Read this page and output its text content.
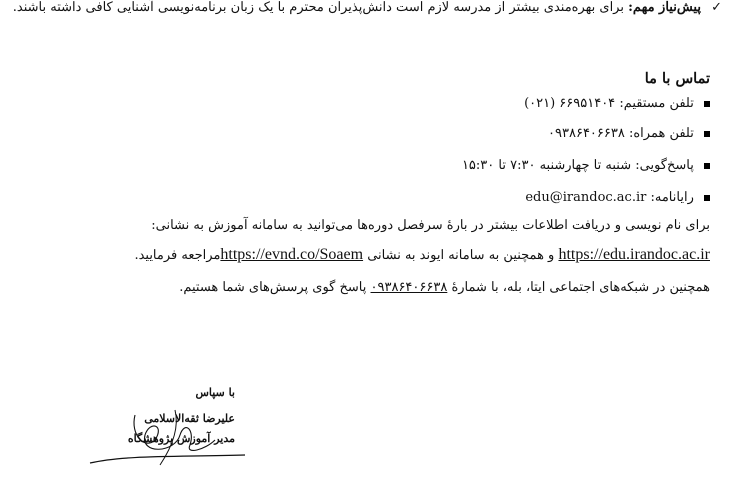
✓ پیش‌نیاز مهم: برای بهره‌مندی بیشتر از مدرسه لازم است دانش‌پذیران محترم با یک زبان برنامه‌نویسی آشنایی کافی داشته باشند.
تماس با ما
تلفن مستقیم: (۰۲۱) ۶۶۹۵۱۴۰۴
تلفن همراه: ۰۹۳۸۶۴۰۶۶۳۸
پاسخ‌گویی: شنبه تا چهارشنبه ۷:۳۰ تا ۱۵:۳۰
رایانامه: edu@irandoc.ac.ir
برای نام نویسی و دریافت اطلاعات بیشتر در بارهٔ سرفصل دوره‌ها می‌توانید به سامانه آموزش به نشانی:
https://edu.irandoc.ac.ir و همچنین به سامانه ایوند به نشانی https://evnd.co/Soaemمراجعه فرمایید.
همچنین در شبکه‌های اجتماعی ایتا، بله، با شمارهٔ ۰۹۳۸۶۴۰۶۶۳۸ پاسخ گوی پرسش‌های شما هستیم.
با سپاس
علیرضا ثقه‌الاسلامی
مدیر آموزش پژوهشگاه
